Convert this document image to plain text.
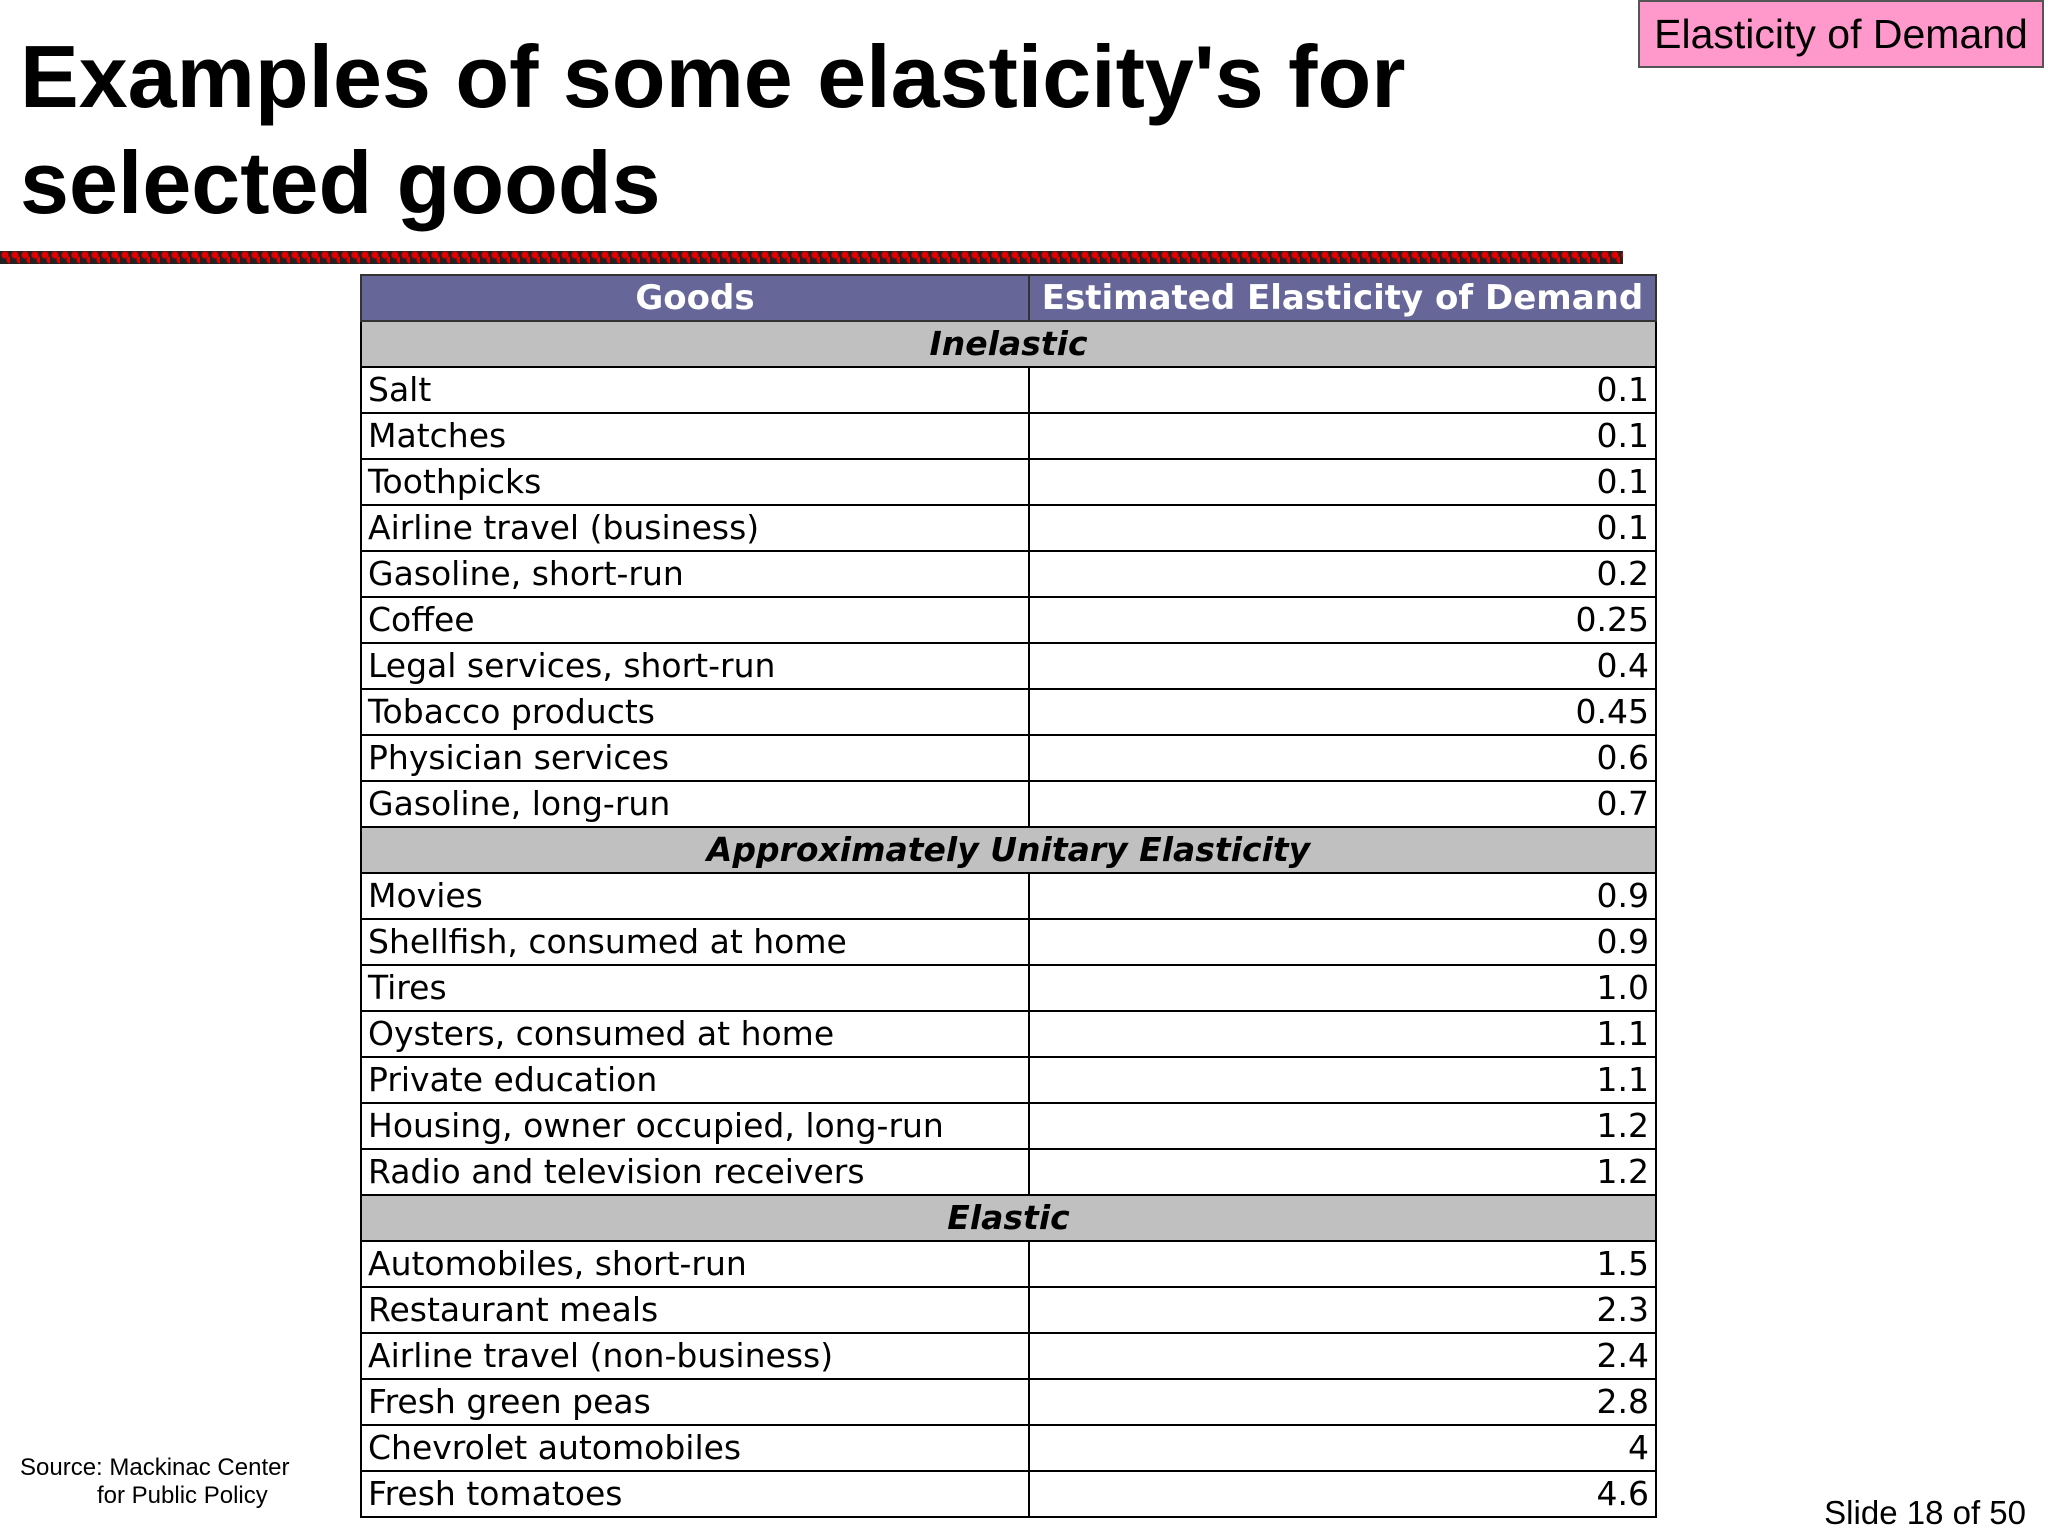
Examples of some elasticity's for
selected goods
Elasticity of Demand
Goods	Estimated Elasticity of Demand
Inelastic	
Salt	0.1
Matches	0.1
Toothpicks	0.1
Airline travel (business)	0.1
Gasoline, short-run	0.2
Coffee	0.25
Legal services, short-run	0.4
Tobacco products	0.45
Physician services	0.6
Gasoline, long-run	0.7
Approximately Unitary Elasticity	
Movies	0.9
Shellfish, consumed at home	0.9
Tires	1.0
Oysters, consumed at home	1.1
Private education	1.1
Housing, owner occupied, long-run	1.2
Radio and television receivers	1.2
Elastic	
Automobiles, short-run	1.5
Restaurant meals	2.3
Airline travel (non-business)	2.4
Fresh green peas	2.8
Chevrolet automobiles	4
Fresh tomatoes	4.6
Source: Mackinac Center
for Public Policy	Slide 18 of 50
